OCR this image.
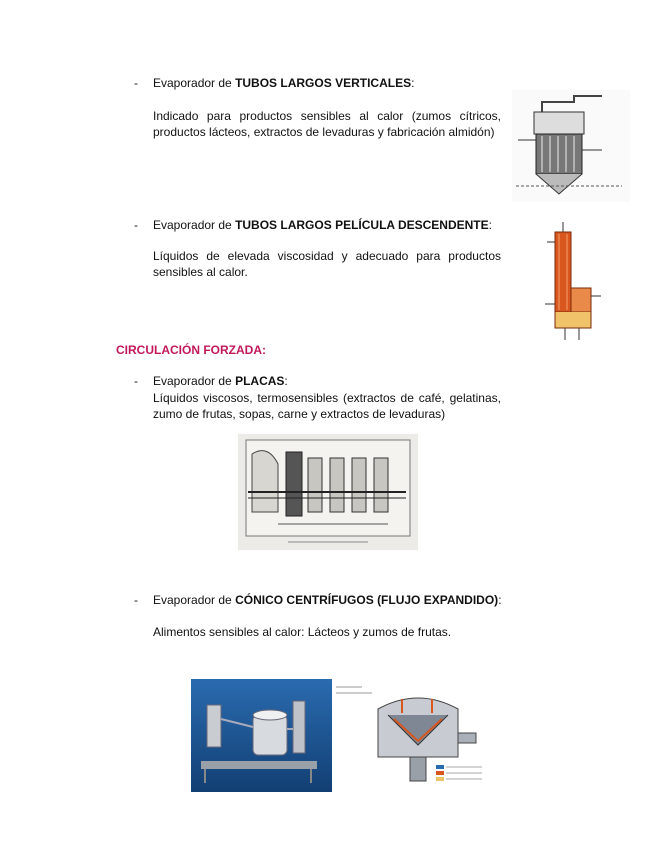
- Evaporador de TUBOS LARGOS VERTICALES:
Indicado para productos sensibles al calor (zumos cítricos, productos lácteos, extractos de levaduras y fabricación almidón)
- Evaporador de TUBOS LARGOS PELÍCULA DESCENDENTE:
Líquidos de elevada viscosidad y adecuado para productos sensibles al calor.
CIRCULACIÓN FORZADA:
- Evaporador de PLACAS:
Líquidos viscosos, termosensibles (extractos de café, gelatinas, zumo de frutas, sopas, carne y extractos de levaduras)
- Evaporador de CÓNICO CENTRÍFUGOS (FLUJO EXPANDIDO):
Alimentos sensibles al calor: Lácteos y zumos de frutas.
